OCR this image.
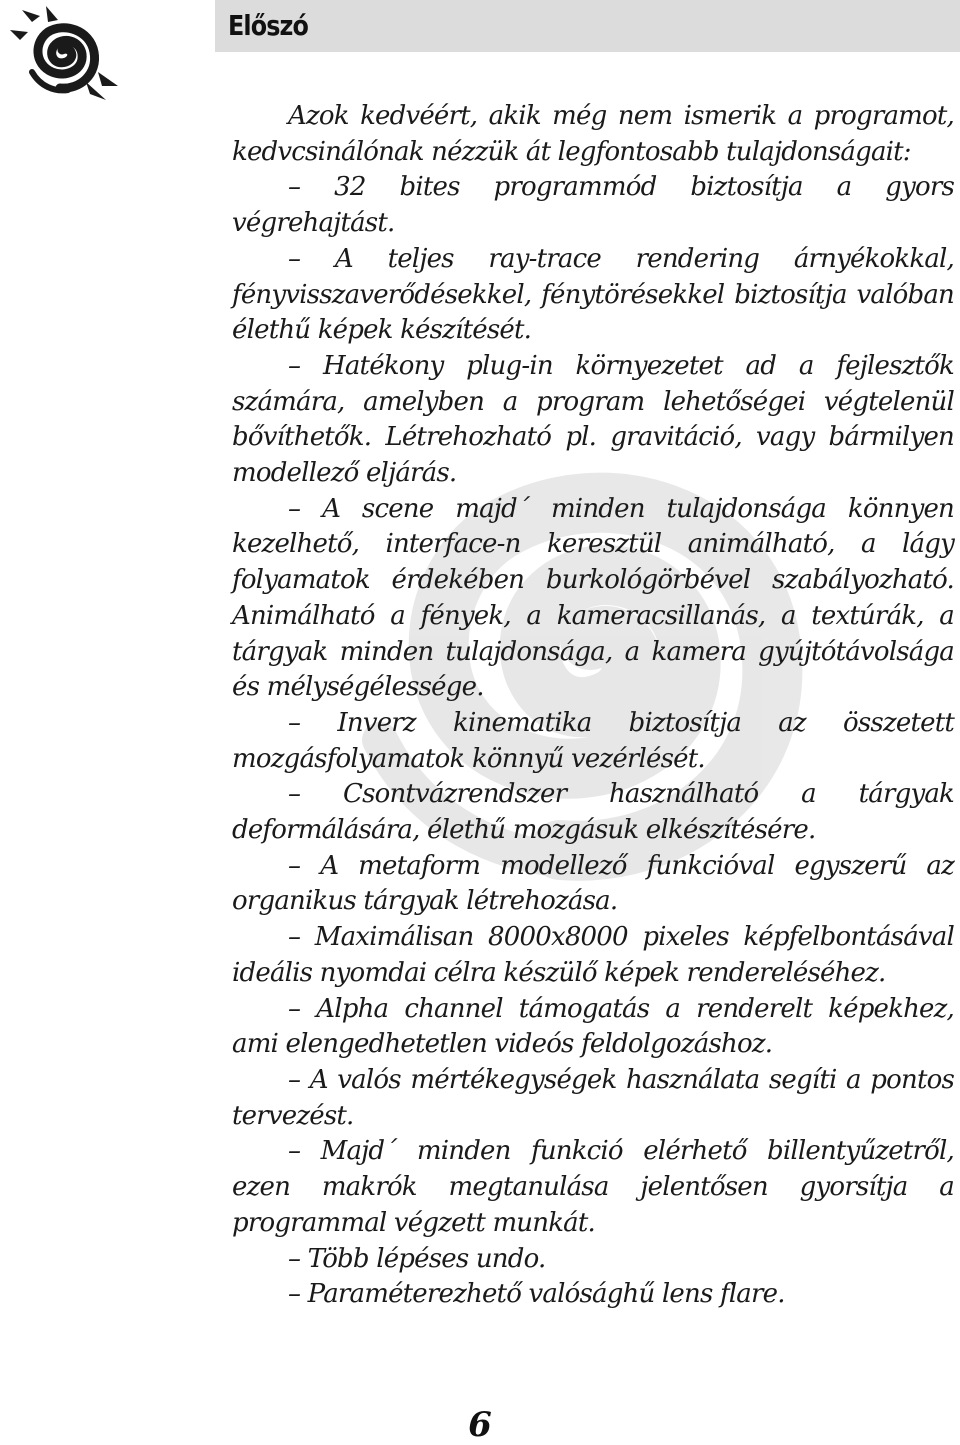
Előszó

Azok kedvéért, akik még nem ismerik a programot, kedvcsinálónak nézzük át legfontosabb tulajdonságait:

– 32 bites programmód biztosítja a gyors végrehajtást.

– A teljes ray-trace rendering árnyékokkal, fényvisszaverődésekkel, fénytörésekkel biztosítja valóban élethű képek készítését.

– Hatékony plug-in környezetet ad a fejlesztők számára, amelyben a program lehetőségei végtelenül bővíthetők. Létrehozható pl. gravitáció, vagy bármilyen modellező eljárás.

– A scene majd´ minden tulajdonsága könnyen kezelhető, interface-n keresztül animálható, a lágy folyamatok érdekében burkológörbével szabályozható. Animálható a fények, a kameracsillanás, a textúrák, a tárgyak minden tulajdonsága, a kamera gyújtótávolsága és mélységélessége.

– Inverz kinematika biztosítja az összetett mozgásfolyamatok könnyű vezérlését.

– Csontvázrendszer használható a tárgyak deformálására, élethű mozgásuk elkészítésére.

– A metaform modellező funkcióval egyszerű az organikus tárgyak létrehozása.

– Maximálisan 8000x8000 pixeles képfelbontásával ideális nyomdai célra készülő képek rendereléséhez.

– Alpha channel támogatás a renderelt képekhez, ami elengedhetetlen videós feldolgozáshoz.

– A valós mértékegységek használata segíti a pontos tervezést.

– Majd´ minden funkció elérhető billentyűzetről, ezen makrók megtanulása jelentősen gyorsítja a programmal végzett munkát.

– Több lépéses undo.

– Paraméterezhető valósághű lens flare.

6
